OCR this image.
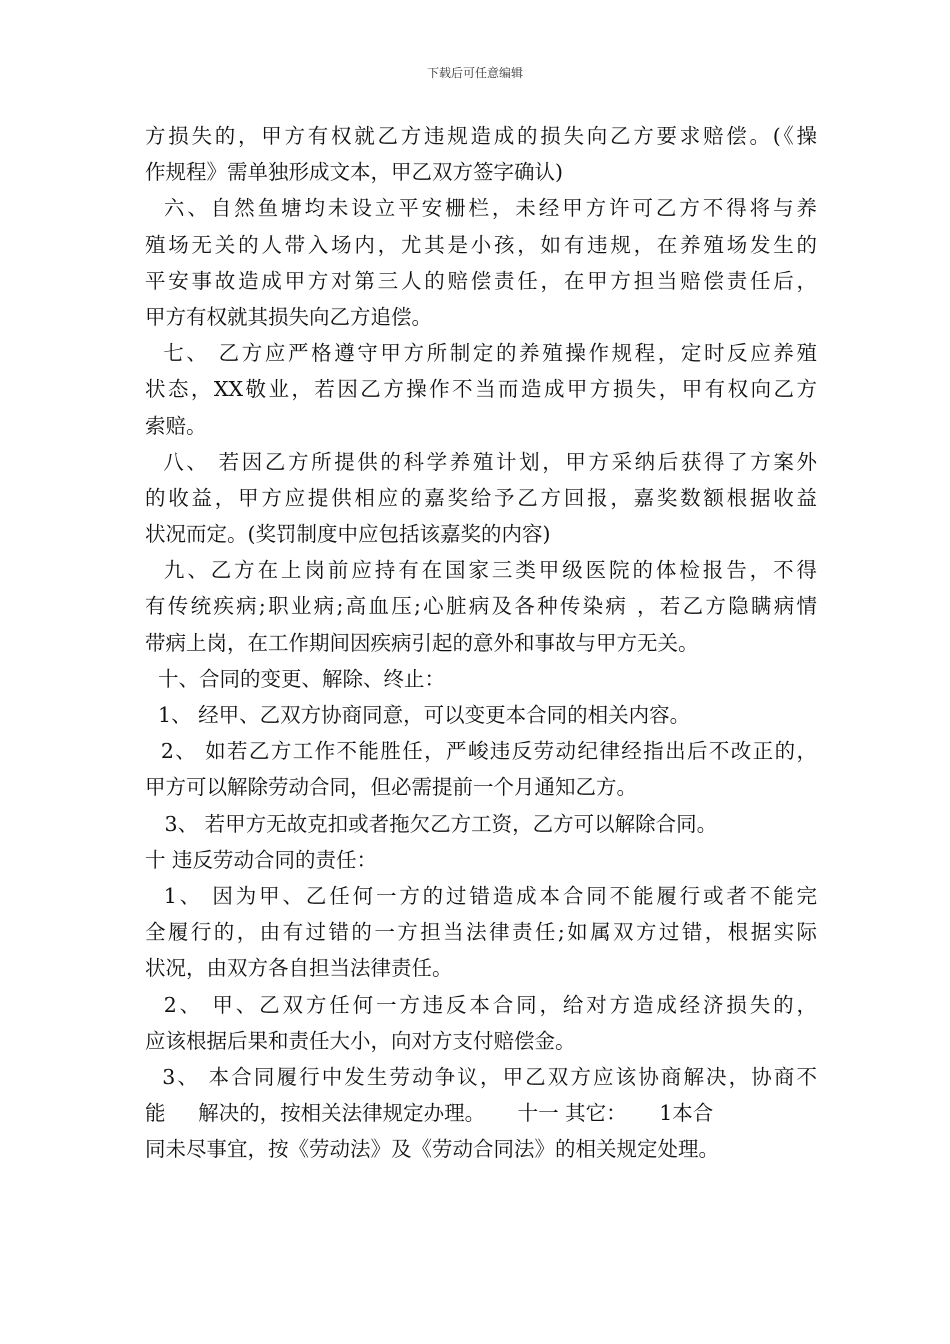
下载后可任意编辑
方损失的，甲方有权就乙方违规造成的损失向乙方要求赔偿。(《操
作规程》需单独形成文本，甲乙双方签字确认)
六、自然鱼塘均未设立平安栅栏，未经甲方许可乙方不得将与养
殖场无关的人带入场内，尤其是小孩，如有违规，在养殖场发生的
平安事故造成甲方对第三人的赔偿责任，在甲方担当赔偿责任后，
甲方有权就其损失向乙方追偿。
七、 乙方应严格遵守甲方所制定的养殖操作规程，定时反应养殖
状态，XX敬业，若因乙方操作不当而造成甲方损失，甲有权向乙方
索赔。
八、 若因乙方所提供的科学养殖计划，甲方采纳后获得了方案外
的收益，甲方应提供相应的嘉奖给予乙方回报，嘉奖数额根据收益
状况而定。(奖罚制度中应包括该嘉奖的内容)
九、乙方在上岗前应持有在国家三类甲级医院的体检报告，不得
有传统疾病;职业病;高血压;心脏病及各种传染病 ，若乙方隐瞒病情
带病上岗，在工作期间因疾病引起的意外和事故与甲方无关。
十、合同的变更、解除、终止：
1、 经甲、乙双方协商同意，可以变更本合同的相关内容。
2、 如若乙方工作不能胜任，严峻违反劳动纪律经指出后不改正的，
甲方可以解除劳动合同，但必需提前一个月通知乙方。
3、 若甲方无故克扣或者拖欠乙方工资，乙方可以解除合同。
十 违反劳动合同的责任：
1、 因为甲、乙任何一方的过错造成本合同不能履行或者不能完
全履行的，由有过错的一方担当法律责任;如属双方过错，根据实际
状况，由双方各自担当法律责任。
2、 甲、乙双方任何一方违反本合同，给对方造成经济损失的，
应该根据后果和责任大小，向对方支付赔偿金。
3、 本合同履行中发生劳动争议，甲乙双方应该协商解决，协商不
能     解决的，按相关法律规定办理。     十一 其它：     1本合
同未尽事宜，按《劳动法》及《劳动合同法》的相关规定处理。
